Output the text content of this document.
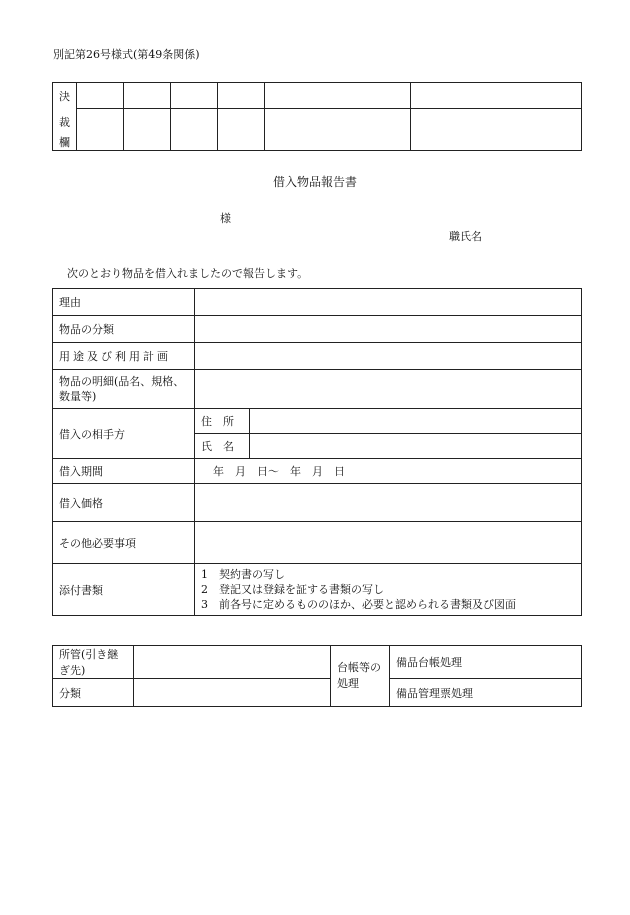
別記第26号様式(第49条関係)
決
裁
欄						

借入物品報告書
様
職氏名
次のとおり物品を借入れましたので報告します。
理由		
物品の分類		
用途及び利用計画		
物品の明細(品名、規格、数量等)		
借入の相手方	住　所	
	氏　名	
借入期間	年　月　日〜　年　月　日	
借入価格		
その他必要事項		
添付書類	1　契約書の写し
2　登記又は登録を証する書類の写し
3　前各号に定めるもののほか、必要と認められる書類及び図面	
所管(引き継ぎ先)		台帳等の処理	備品台帳処理
分類			備品管理票処理
